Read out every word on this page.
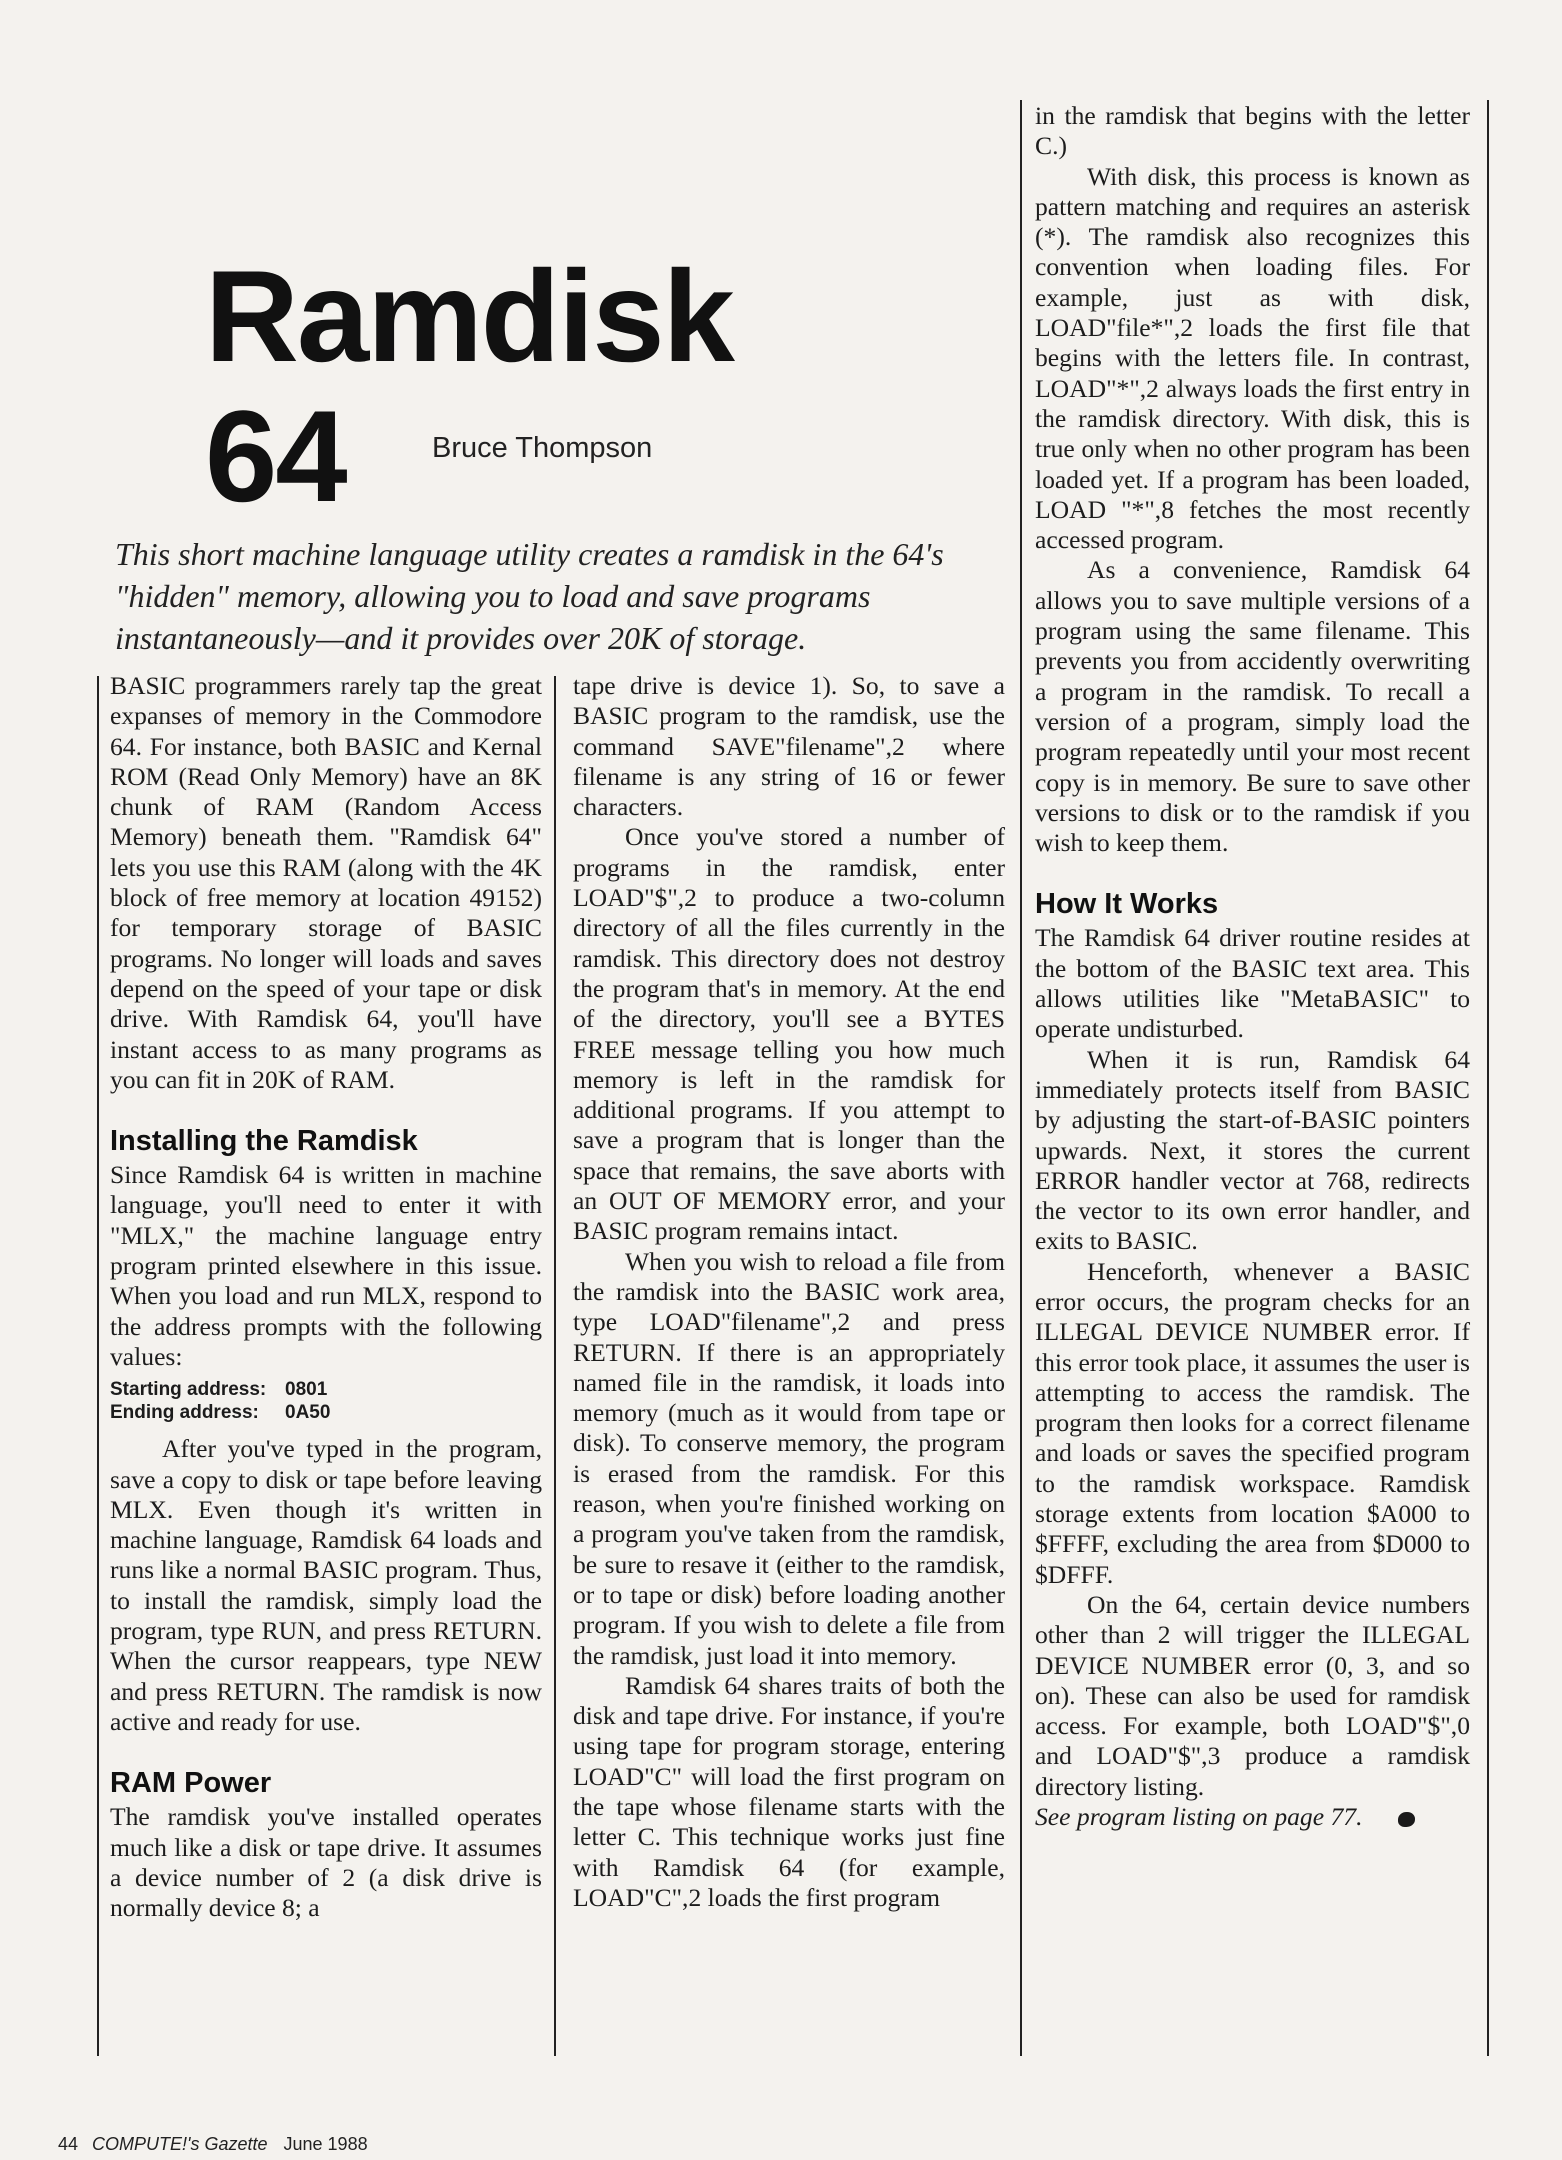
Ramdisk 64	Bruce Thompson
This short machine language utility creates a ramdisk in the 64's "hidden" memory, allowing you to load and save programs instantaneously—and it provides over 20K of storage.

BASIC programmers rarely tap the great expanses of memory in the Commodore 64. For instance, both BASIC and Kernal ROM (Read Only Memory) have an 8K chunk of RAM (Random Access Memory) beneath them. "Ramdisk 64" lets you use this RAM (along with the 4K block of free memory at location 49152) for temporary storage of BASIC programs. No longer will loads and saves depend on the speed of your tape or disk drive. With Ramdisk 64, you'll have instant access to as many programs as you can fit in 20K of RAM.

Installing the Ramdisk

Since Ramdisk 64 is written in machine language, you'll need to enter it with "MLX," the machine language entry program printed elsewhere in this issue. When you load and run MLX, respond to the address prompts with the following values:

Starting address: 0801
Ending address: 0A50

After you've typed in the program, save a copy to disk or tape before leaving MLX. Even though it's written in machine language, Ramdisk 64 loads and runs like a normal BASIC program. Thus, to install the ramdisk, simply load the program, type RUN, and press RETURN. When the cursor reappears, type NEW and press RETURN. The ramdisk is now active and ready for use.

RAM Power

The ramdisk you've installed operates much like a disk or tape drive. It assumes a device number of 2 (a disk drive is normally device 8; a

tape drive is device 1). So, to save a BASIC program to the ramdisk, use the command SAVE"filename",2 where filename is any string of 16 or fewer characters.

Once you've stored a number of programs in the ramdisk, enter LOAD"$",2 to produce a two-column directory of all the files currently in the ramdisk. This directory does not destroy the program that's in memory. At the end of the directory, you'll see a BYTES FREE message telling you how much memory is left in the ramdisk for additional programs. If you attempt to save a program that is longer than the space that remains, the save aborts with an OUT OF MEMORY error, and your BASIC program remains intact.

When you wish to reload a file from the ramdisk into the BASIC work area, type LOAD"filename",2 and press RETURN. If there is an appropriately named file in the ramdisk, it loads into memory (much as it would from tape or disk). To conserve memory, the program is erased from the ramdisk. For this reason, when you're finished working on a program you've taken from the ramdisk, be sure to resave it (either to the ramdisk, or to tape or disk) before loading another program. If you wish to delete a file from the ramdisk, just load it into memory.

Ramdisk 64 shares traits of both the disk and tape drive. For instance, if you're using tape for program storage, entering LOAD"C" will load the first program on the tape whose filename starts with the letter C. This technique works just fine with Ramdisk 64 (for example, LOAD"C",2 loads the first program

in the ramdisk that begins with the letter C.)

With disk, this process is known as pattern matching and requires an asterisk (*). The ramdisk also recognizes this convention when loading files. For example, just as with disk, LOAD"file*",2 loads the first file that begins with the letters file. In contrast, LOAD"*",2 always loads the first entry in the ramdisk directory. With disk, this is true only when no other program has been loaded yet. If a program has been loaded, LOAD "*",8 fetches the most recently accessed program.

As a convenience, Ramdisk 64 allows you to save multiple versions of a program using the same filename. This prevents you from accidently overwriting a program in the ramdisk. To recall a version of a program, simply load the program repeatedly until your most recent copy is in memory. Be sure to save other versions to disk or to the ramdisk if you wish to keep them.

How It Works

The Ramdisk 64 driver routine resides at the bottom of the BASIC text area. This allows utilities like "MetaBASIC" to operate undisturbed.

When it is run, Ramdisk 64 immediately protects itself from BASIC by adjusting the start-of-BASIC pointers upwards. Next, it stores the current ERROR handler vector at 768, redirects the vector to its own error handler, and exits to BASIC.

Henceforth, whenever a BASIC error occurs, the program checks for an ILLEGAL DEVICE NUMBER error. If this error took place, it assumes the user is attempting to access the ramdisk. The program then looks for a correct filename and loads or saves the specified program to the ramdisk workspace. Ramdisk storage extents from location $A000 to $FFFF, excluding the area from $D000 to $DFFF.

On the 64, certain device numbers other than 2 will trigger the ILLEGAL DEVICE NUMBER error (0, 3, and so on). These can also be used for ramdisk access. For example, both LOAD"$",0 and LOAD"$",3 produce a ramdisk directory listing.

See program listing on page 77.

44 COMPUTE!'s Gazette June 1988
